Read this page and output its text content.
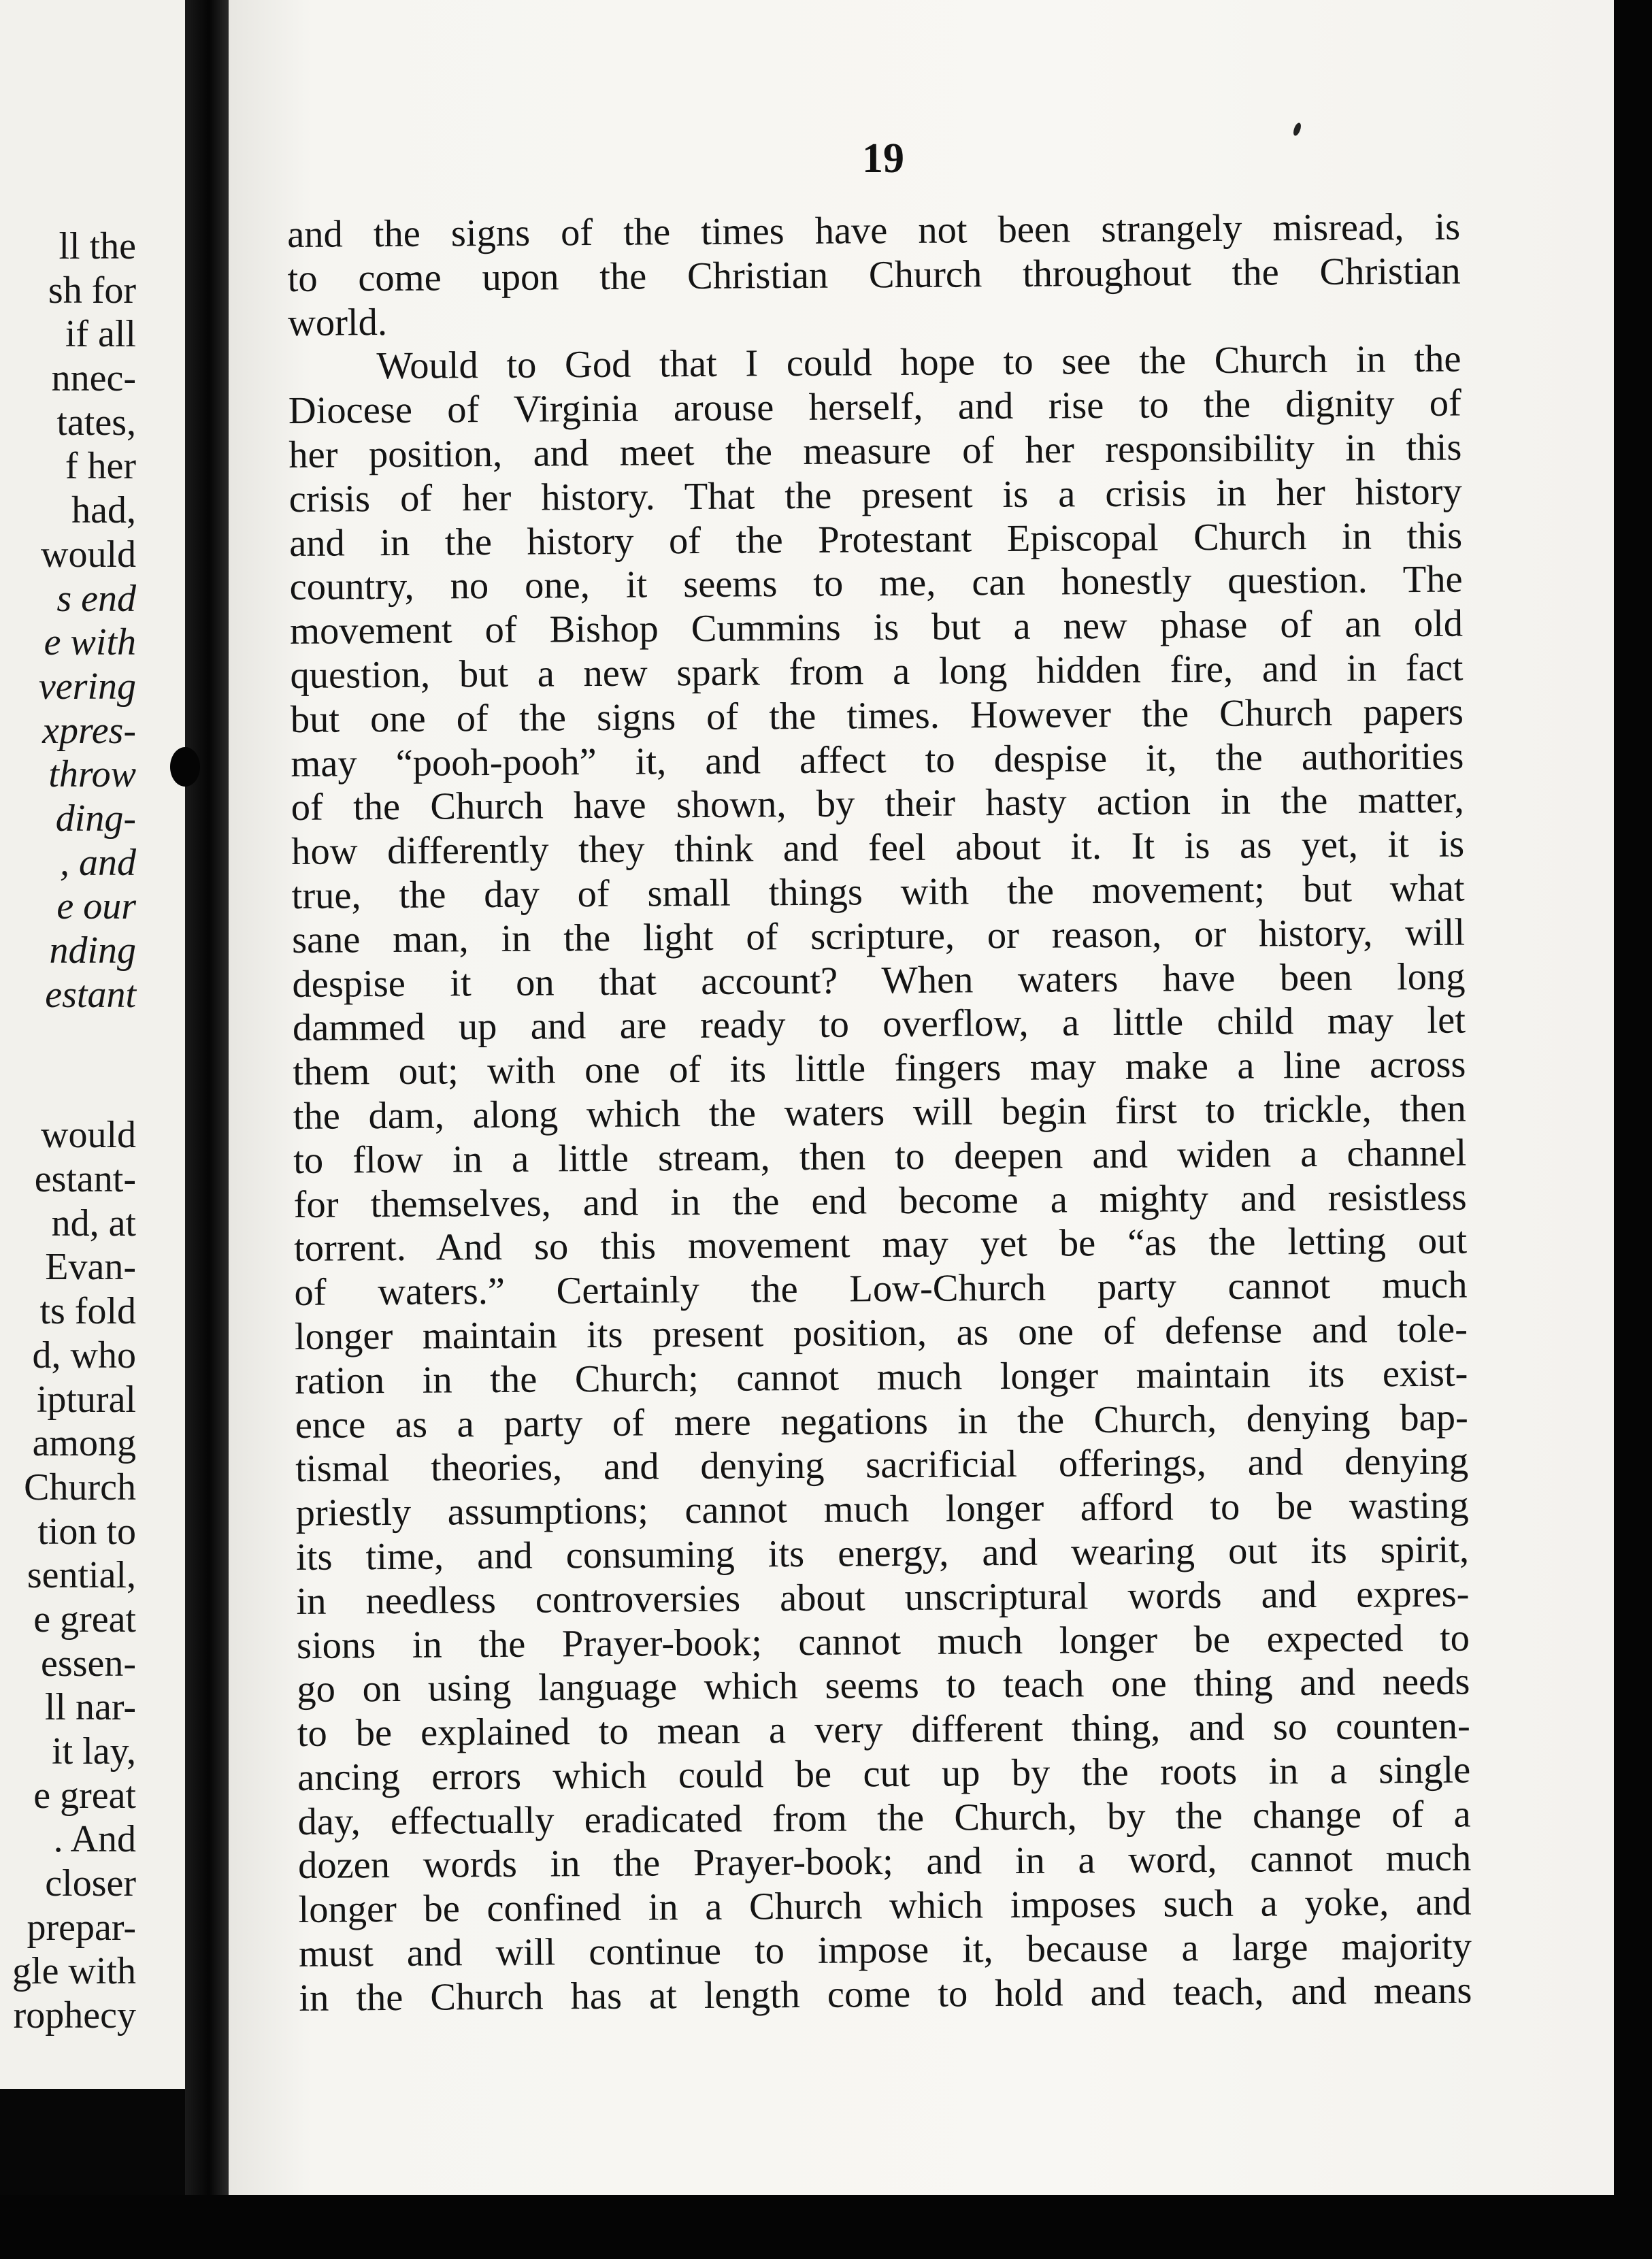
ll the
sh for
if all
nnec-
tates,
f her
had,
would
s end
e with
vering
xpres-
throw
ding-
, and
e our
nding
estant
would
estant-
nd, at
Evan-
ts fold
d, who
iptural
among
Church
tion to
sential,
e great
essen-
ll nar-
it lay,
e great
. And
closer
prepar-
gle with
rophecy
19
and the signs of the times have not been strangely misread, is
to come upon the Christian Church throughout the Christian
world.
Would to God that I could hope to see the Church in the
Diocese of Virginia arouse herself, and rise to the dignity of
her position, and meet the measure of her responsibility in this
crisis of her history. That the present is a crisis in her history
and in the history of the Protestant Episcopal Church in this
country, no one, it seems to me, can honestly question. The
movement of Bishop Cummins is but a new phase of an old
question, but a new spark from a long hidden fire, and in fact
but one of the signs of the times. However the Church papers
may “pooh-pooh” it, and affect to despise it, the authorities
of the Church have shown, by their hasty action in the matter,
how differently they think and feel about it. It is as yet, it is
true, the day of small things with the movement; but what
sane man, in the light of scripture, or reason, or history, will
despise it on that account? When waters have been long
dammed up and are ready to overflow, a little child may let
them out; with one of its little fingers may make a line across
the dam, along which the waters will begin first to trickle, then
to flow in a little stream, then to deepen and widen a channel
for themselves, and in the end become a mighty and resistless
torrent. And so this movement may yet be “as the letting out
of waters.” Certainly the Low-Church party cannot much
longer maintain its present position, as one of defense and tole-
ration in the Church; cannot much longer maintain its exist-
ence as a party of mere negations in the Church, denying bap-
tismal theories, and denying sacrificial offerings, and denying
priestly assumptions; cannot much longer afford to be wasting
its time, and consuming its energy, and wearing out its spirit,
in needless controversies about unscriptural words and expres-
sions in the Prayer-book; cannot much longer be expected to
go on using language which seems to teach one thing and needs
to be explained to mean a very different thing, and so counten-
ancing errors which could be cut up by the roots in a single
day, effectually eradicated from the Church, by the change of a
dozen words in the Prayer-book; and in a word, cannot much
longer be confined in a Church which imposes such a yoke, and
must and will continue to impose it, because a large majority
in the Church has at length come to hold and teach, and means
